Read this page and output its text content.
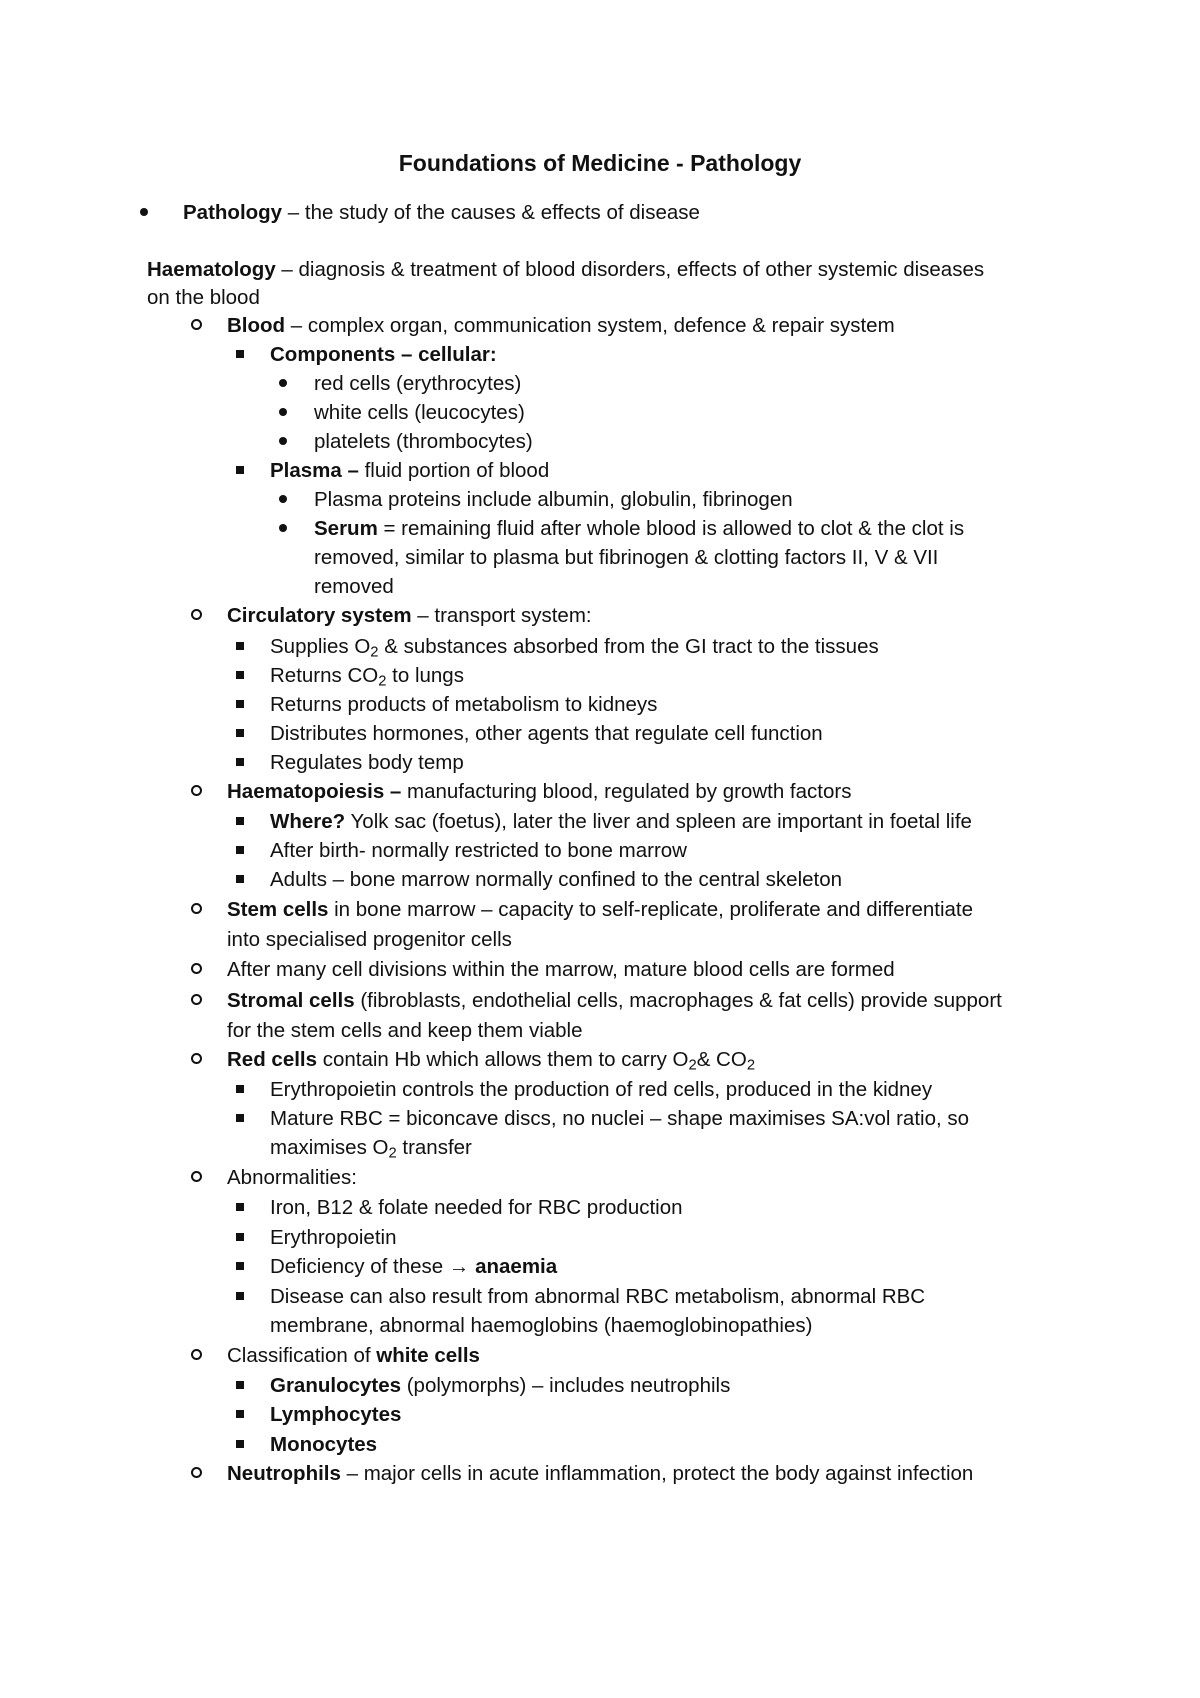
Foundations of Medicine - Pathology
Pathology – the study of the causes & effects of disease
Haematology – diagnosis & treatment of blood disorders, effects of other systemic diseases
on the blood
Blood – complex organ, communication system, defence & repair system
Components – cellular:
red cells (erythrocytes)
white cells (leucocytes)
platelets (thrombocytes)
Plasma – fluid portion of blood
Plasma proteins include albumin, globulin, fibrinogen
Serum = remaining fluid after whole blood is allowed to clot & the clot is
removed, similar to plasma but fibrinogen & clotting factors II, V & VII
removed
Circulatory system – transport system:
Supplies $O_2$ & substances absorbed from the GI tract to the tissues
Returns $CO_2$ to lungs
Returns products of metabolism to kidneys
Distributes hormones, other agents that regulate cell function
Regulates body temp
Haematopoiesis – manufacturing blood, regulated by growth factors
Where? Yolk sac (foetus), later the liver and spleen are important in foetal life
After birth- normally restricted to bone marrow
Adults – bone marrow normally confined to the central skeleton
Stem cells in bone marrow – capacity to self-replicate, proliferate and differentiate
into specialised progenitor cells
After many cell divisions within the marrow, mature blood cells are formed
Stromal cells (fibroblasts, endothelial cells, macrophages & fat cells) provide support
for the stem cells and keep them viable
Red cells contain Hb which allows them to carry $O_2\&$ $CO_2$
Erythropoietin controls the production of red cells, produced in the kidney
Mature RBC = biconcave discs, no nuclei – shape maximises SA:vol ratio, so
maximises $O_2$ transfer
Abnormalities:
Iron, B12 & folate needed for RBC production
Erythropoietin
Deficiency of these → anaemia
Disease can also result from abnormal RBC metabolism, abnormal RBC
membrane, abnormal haemoglobins (haemoglobinopathies)
Classification of white cells
Granulocytes (polymorphs) – includes neutrophils
Lymphocytes
Monocytes
Neutrophils – major cells in acute inflammation, protect the body against infection
